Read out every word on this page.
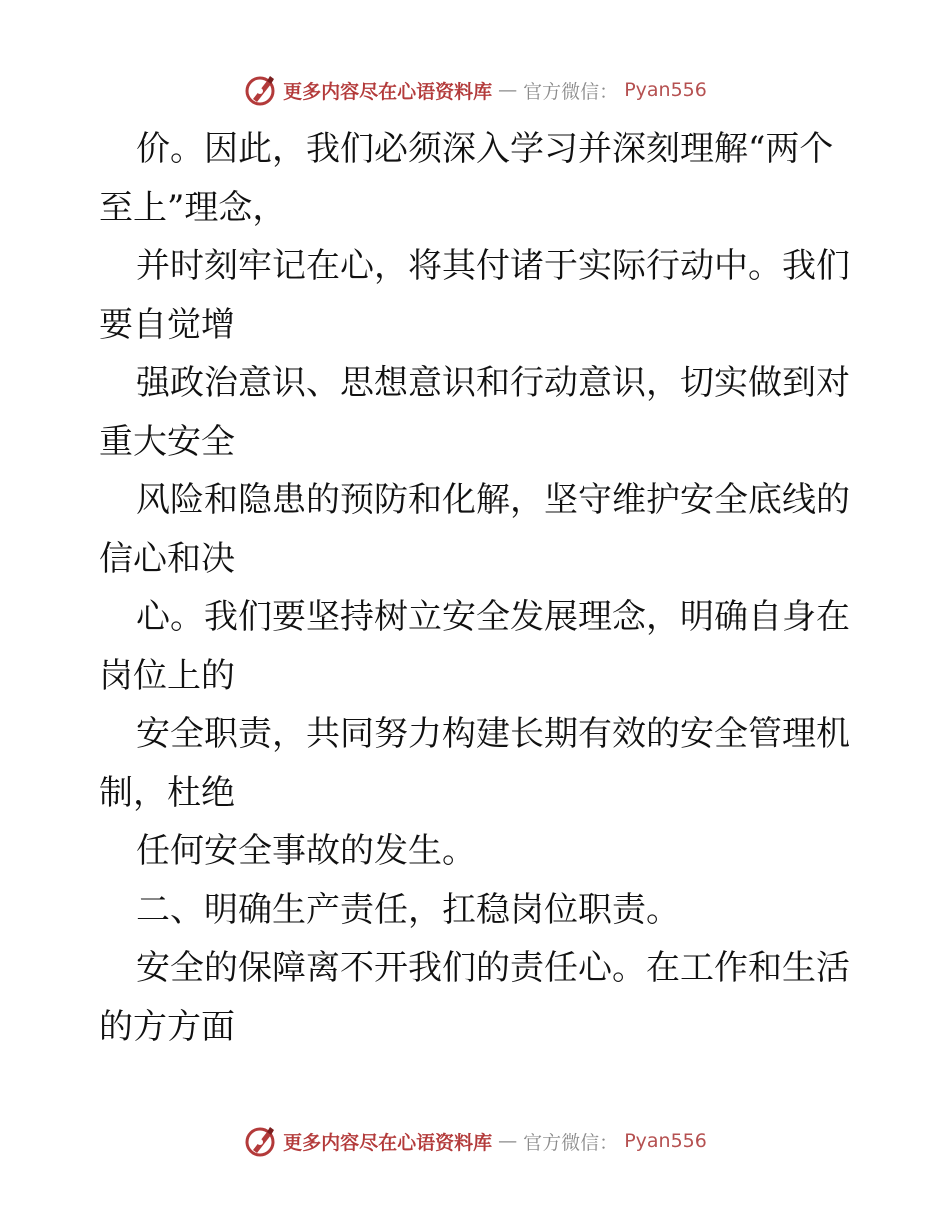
更多内容尽在心语资料库 — 官方微信： Pyan556
价。因此，我们必须深入学习并深刻理解“两个
至上”理念，
并时刻牢记在心，将其付诸于实际行动中。我们
要自觉增
强政治意识、思想意识和行动意识，切实做到对
重大安全
风险和隐患的预防和化解，坚守维护安全底线的
信心和决
心。我们要坚持树立安全发展理念，明确自身在
岗位上的
安全职责，共同努力构建长期有效的安全管理机
制，杜绝
任何安全事故的发生。
二、明确生产责任，扛稳岗位职责。
安全的保障离不开我们的责任心。在工作和生活
的方方面
更多内容尽在心语资料库 — 官方微信： Pyan556
